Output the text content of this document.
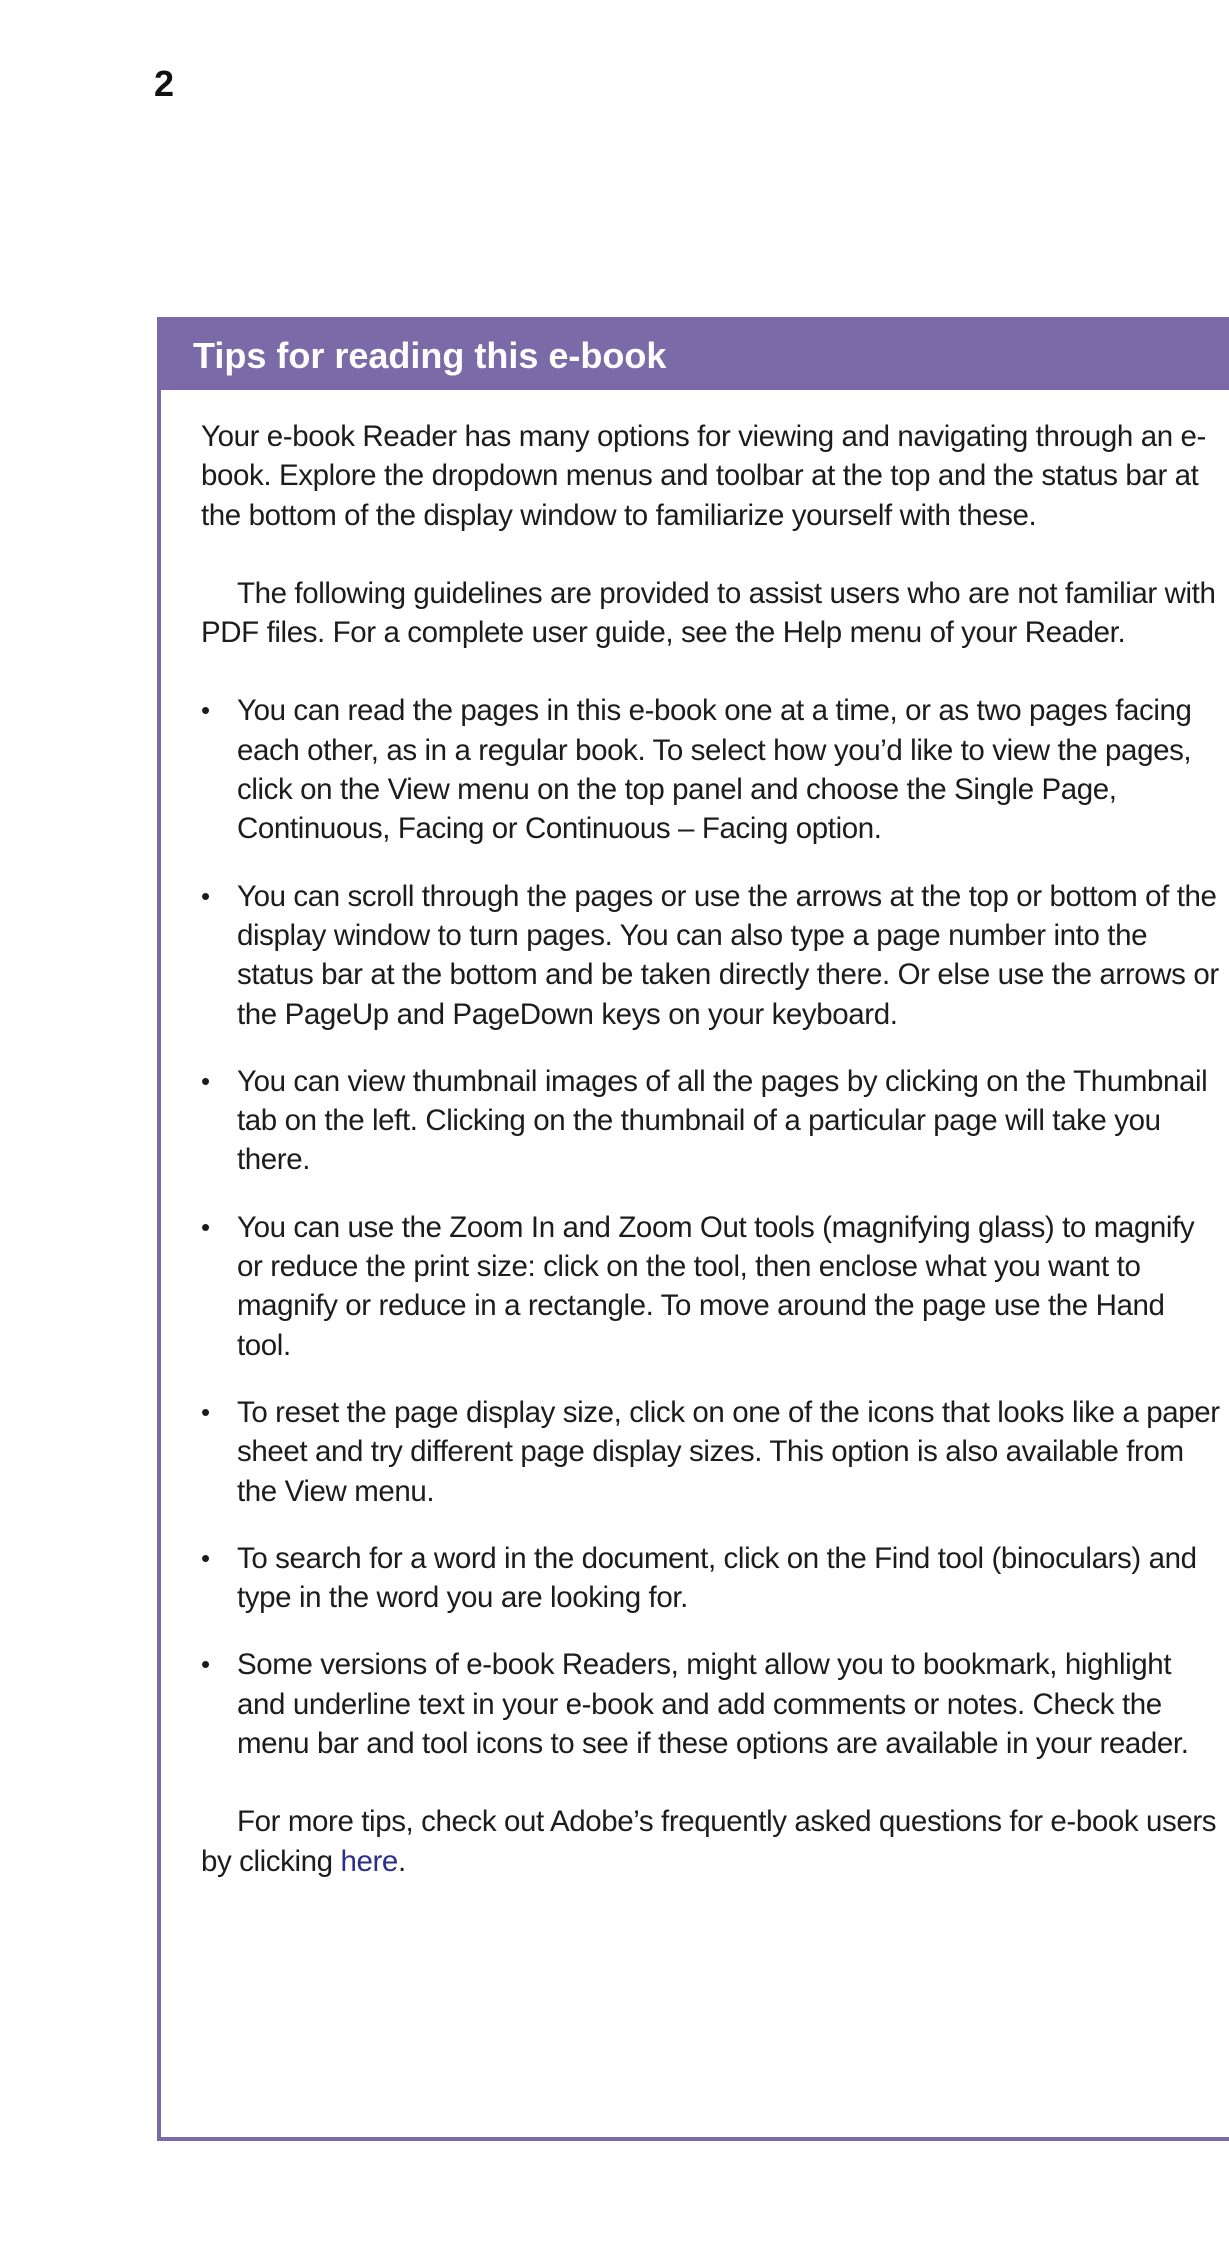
2
Tips for reading this e-book

Your e-book Reader has many options for viewing and navigating through an e-book. Explore the dropdown menus and toolbar at the top and the status bar at the bottom of the display window to familiarize yourself with these.

The following guidelines are provided to assist users who are not familiar with PDF files. For a complete user guide, see the Help menu of your Reader.

• You can read the pages in this e-book one at a time, or as two pages facing each other, as in a regular book. To select how you’d like to view the pages, click on the View menu on the top panel and choose the Single Page, Continuous, Facing or Continuous – Facing option.
• You can scroll through the pages or use the arrows at the top or bottom of the display window to turn pages. You can also type a page number into the status bar at the bottom and be taken directly there. Or else use the arrows or the PageUp and PageDown keys on your keyboard.
• You can view thumbnail images of all the pages by clicking on the Thumbnail tab on the left. Clicking on the thumbnail of a particular page will take you there.
• You can use the Zoom In and Zoom Out tools (magnifying glass) to magnify or reduce the print size: click on the tool, then enclose what you want to magnify or reduce in a rectangle. To move around the page use the Hand tool.
• To reset the page display size, click on one of the icons that looks like a paper sheet and try different page display sizes. This option is also available from the View menu.
• To search for a word in the document, click on the Find tool (binoculars) and type in the word you are looking for.
• Some versions of e-book Readers, might allow you to bookmark, highlight and underline text in your e-book and add comments or notes. Check the menu bar and tool icons to see if these options are available in your reader.

For more tips, check out Adobe’s frequently asked questions for e-book users by clicking here.
